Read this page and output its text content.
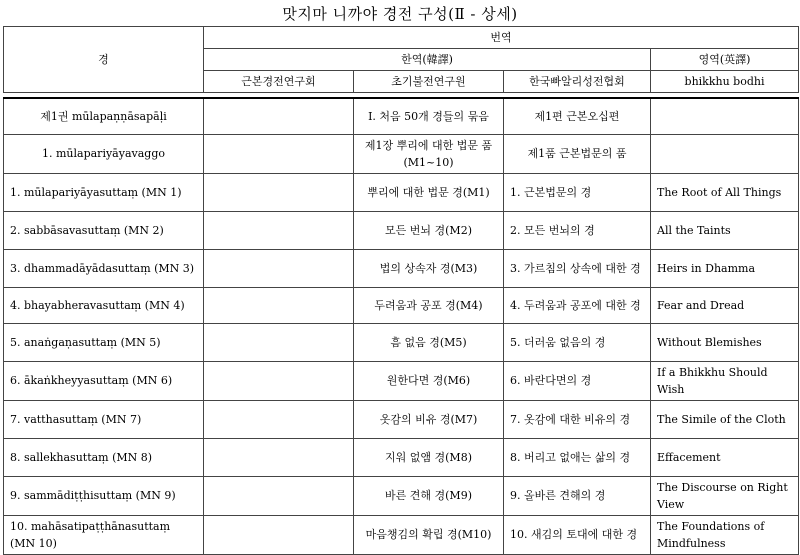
맛지마 니까야 경전 구성(Ⅱ - 상세)
경	번역			
	한역(韓譯)			영역(英譯)
	근본경전연구회	초기불전연구원	한국빠알리성전협회	bhikkhu bodhi

제1권 mūlapaṇṇāsapāḷi		Ⅰ. 처음 50개 경들의 묶음	제1편 근본오십편	
1. mūlapariyāyavaggo		제1장 뿌리에 대한 법문 품 (M1~10)	제1품 근본법문의 품	
1. mūlapariyāyasuttaṃ (MN 1)		뿌리에 대한 법문 경(M1)	1. 근본법문의 경	The Root of All Things
2. sabbāsavasuttaṃ (MN 2)		모든 번뇌 경(M2)	2. 모든 번뇌의 경	All the Taints
3. dhammadāyādasuttaṃ (MN 3)		법의 상속자 경(M3)	3. 가르침의 상속에 대한 경	Heirs in Dhamma
4. bhayabheravasuttaṃ (MN 4)		두려움과 공포 경(M4)	4. 두려움과 공포에 대한 경	Fear and Dread
5. anaṅgaṇasuttaṃ (MN 5)		흠 없음 경(M5)	5. 더러움 없음의 경	Without Blemishes
6. ākaṅkheyyasuttaṃ (MN 6)		원한다면 경(M6)	6. 바란다면의 경	If a Bhikkhu Should Wish
7. vatthasuttaṃ (MN 7)		옷감의 비유 경(M7)	7. 옷감에 대한 비유의 경	The Simile of the Cloth
8. sallekhasuttaṃ (MN 8)		지워 없앰 경(M8)	8. 버리고 없애는 삶의 경	Effacement
9. sammādiṭṭhisuttaṃ (MN 9)		바른 견해 경(M9)	9. 올바른 견해의 경	The Discourse on Right View
10. mahāsatipaṭṭhānasuttaṃ (MN 10)		마음챙김의 확립 경(M10)	10. 새김의 토대에 대한 경	The Foundations of Mindfulness
